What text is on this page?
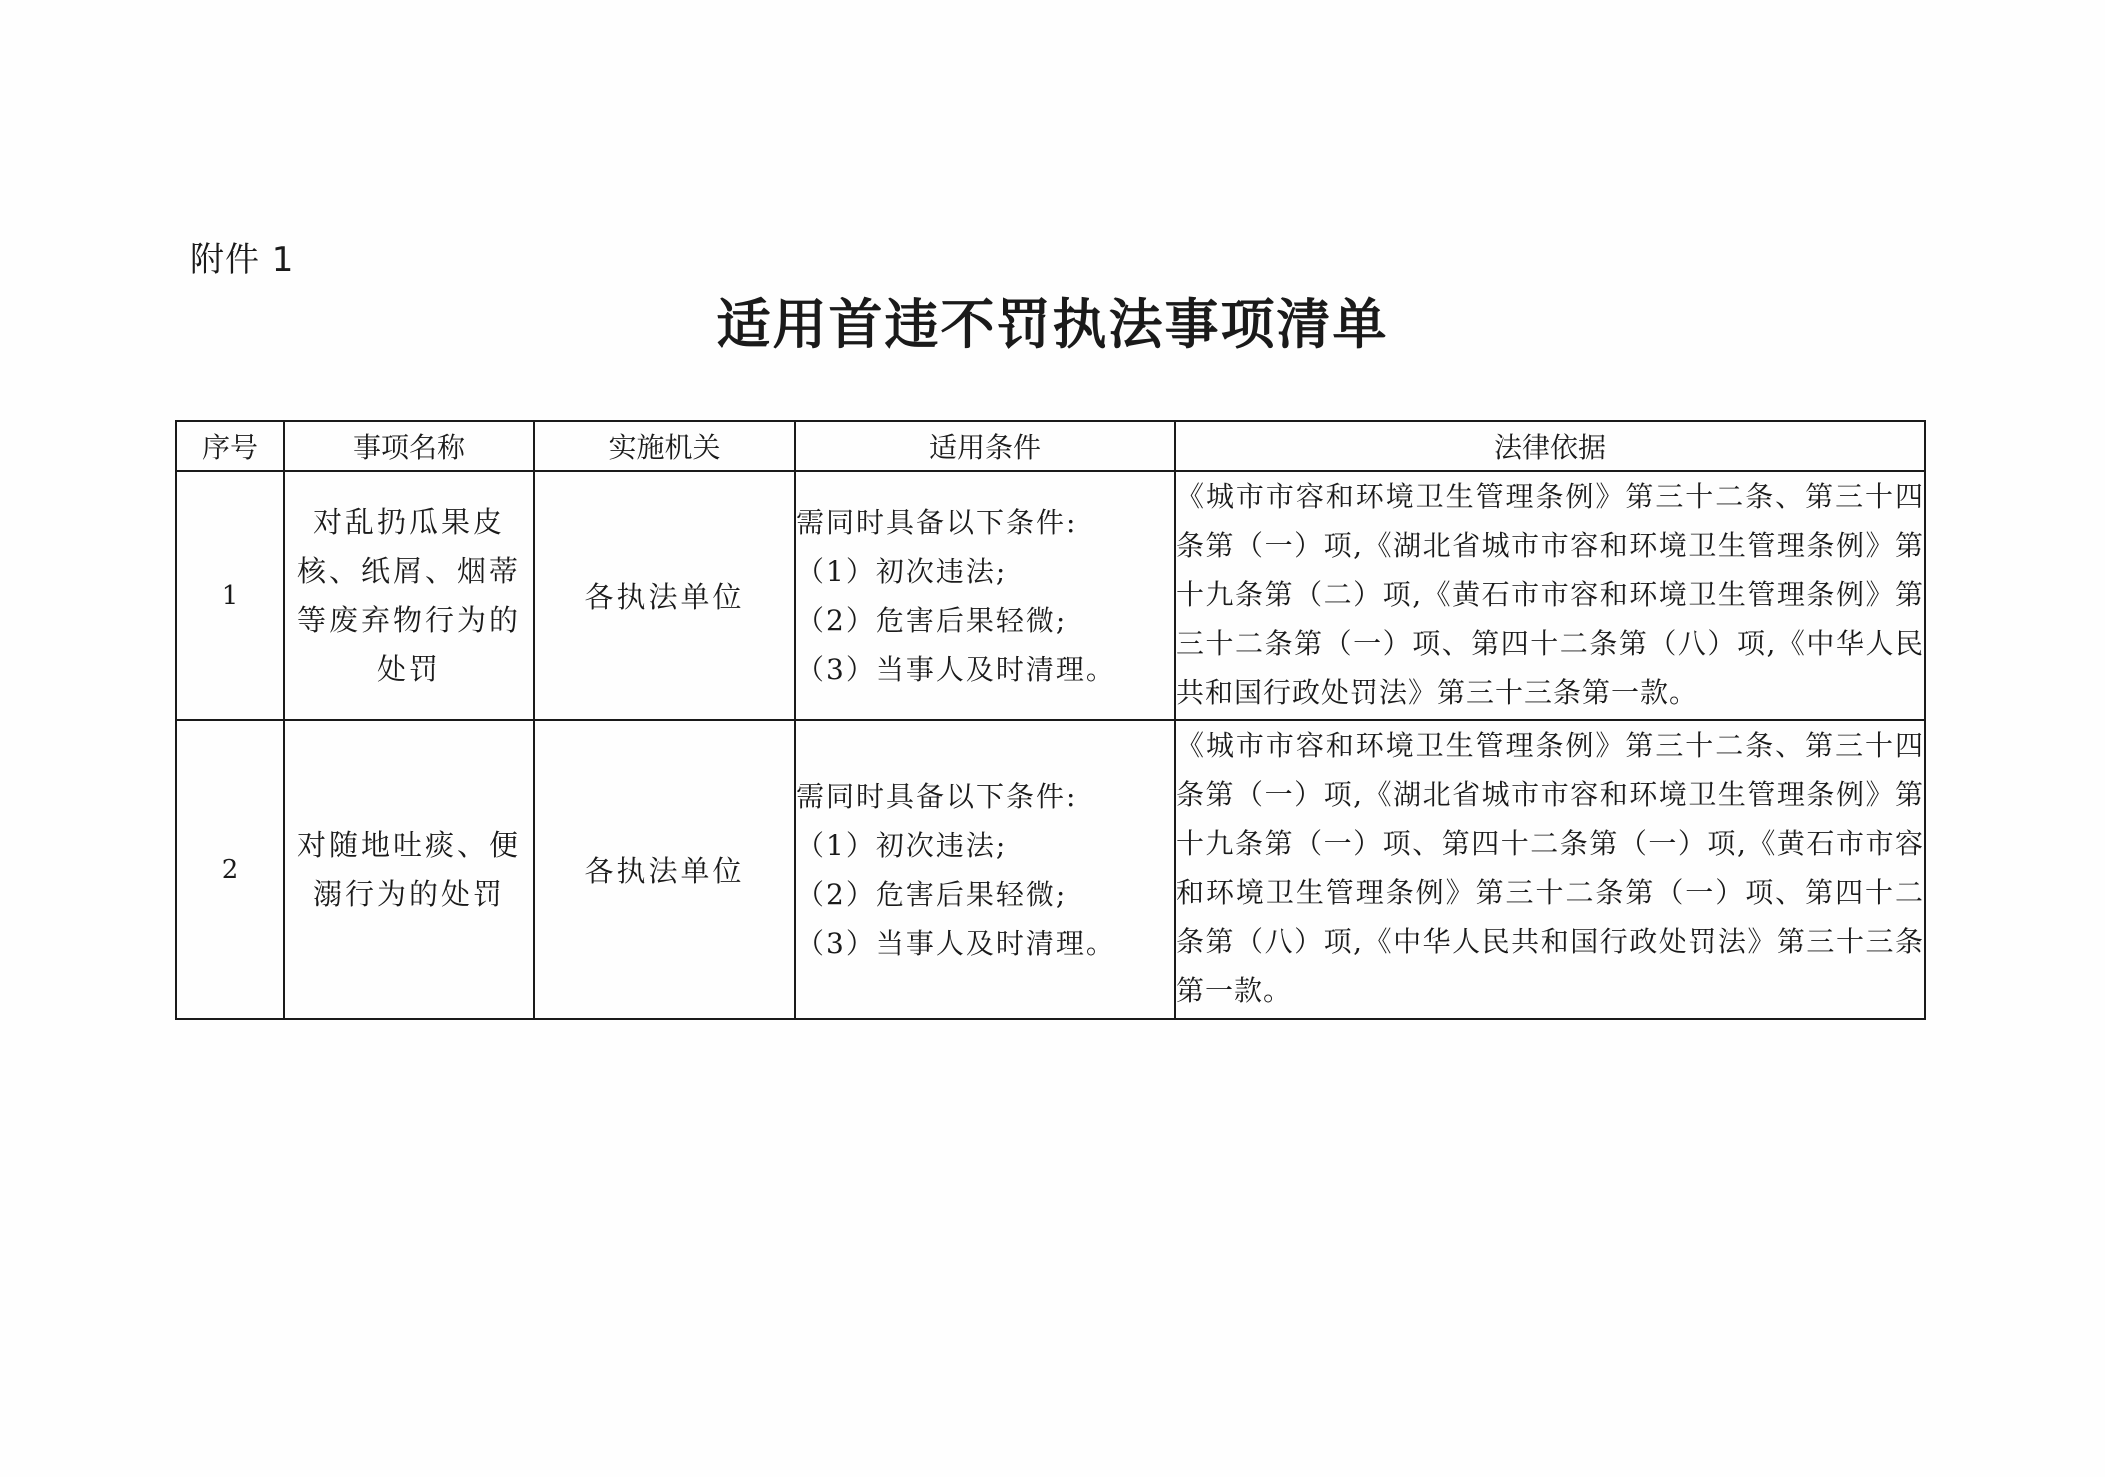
附件 1
适用首违不罚执法事项清单
序号	事项名称	实施机关	适用条件	法律依据
1	对乱扔瓜果皮核、纸屑、烟蒂等废弃物行为的处罚	各执法单位	需同时具备以下条件:
（1）初次违法;
（2）危害后果轻微;
（3）当事人及时清理。	《城市市容和环境卫生管理条例》第三十二条、第三十四条第（一）项,《湖北省城市市容和环境卫生管理条例》第十九条第（二）项,《黄石市市容和环境卫生管理条例》第三十二条第（一）项、第四十二条第（八）项,《中华人民共和国行政处罚法》第三十三条第一款。
2	对随地吐痰、便溺行为的处罚	各执法单位	需同时具备以下条件:
（1）初次违法;
（2）危害后果轻微;
（3）当事人及时清理。	《城市市容和环境卫生管理条例》第三十二条、第三十四条第（一）项,《湖北省城市市容和环境卫生管理条例》第十九条第（一）项、第四十二条第（一）项,《黄石市市容和环境卫生管理条例》第三十二条第（一）项、第四十二条第（八）项,《中华人民共和国行政处罚法》第三十三条第一款。
